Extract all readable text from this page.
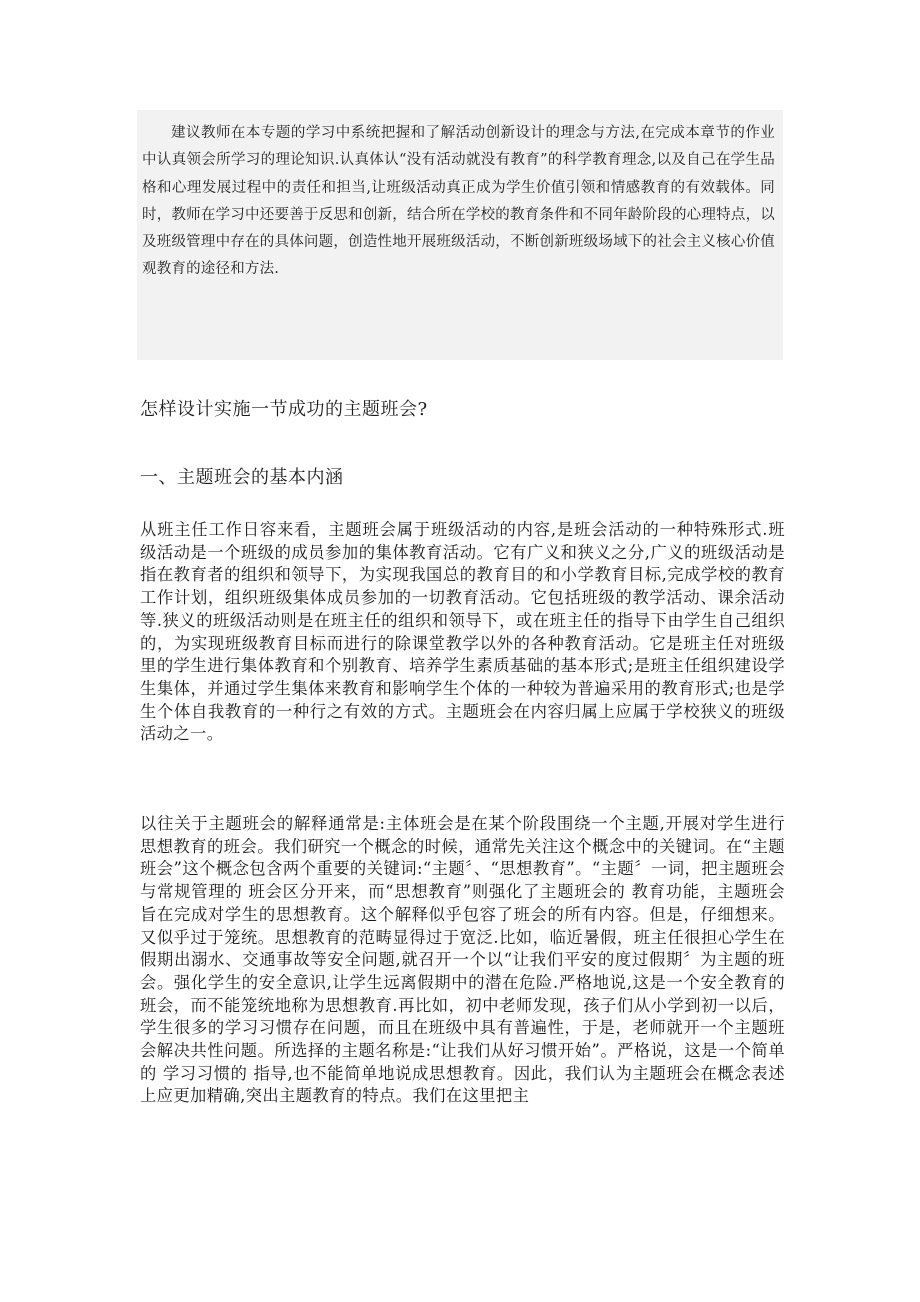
建议教师在本专题的学习中系统把握和了解活动创新设计的理念与方法,在完成本章节的作业中认真领会所学习的理论知识.认真体认“没有活动就没有教育”的科学教育理念,以及自己在学生品格和心理发展过程中的责任和担当,让班级活动真正成为学生价值引领和情感教育的有效载体。同时，教师在学习中还要善于反思和创新，结合所在学校的教育条件和不同年龄阶段的心理特点，以及班级管理中存在的具体问题，创造性地开展班级活动，不断创新班级场域下的社会主义核心价值观教育的途径和方法.

怎样设计实施一节成功的主题班会?
一、主题班会的基本内涵

从班主任工作日容来看，主题班会属于班级活动的内容,是班会活动的一种特殊形式.班级活动是一个班级的成员参加的集体教育活动。它有广义和狭义之分,广义的班级活动是指在教育者的组织和领导下，为实现我国总的教育目的和小学教育目标,完成学校的教育工作计划，组织班级集体成员参加的一切教育活动。它包括班级的教学活动、课余活动等.狭义的班级活动则是在班主任的组织和领导下，或在班主任的指导下由学生自己组织的，为实现班级教育目标而进行的除课堂教学以外的各种教育活动。它是班主任对班级里的学生进行集体教育和个别教育、培养学生素质基础的基本形式;是班主任组织建设学生集体，并通过学生集体来教育和影响学生个体的一种较为普遍采用的教育形式;也是学生个体自我教育的一种行之有效的方式。主题班会在内容归属上应属于学校狭义的班级活动之一。

以往关于主题班会的解释通常是:主体班会是在某个阶段围绕一个主题,开展对学生进行思想教育的班会。我们研究一个概念的时候，通常先关注这个概念中的关键词。在“主题班会”这个概念包含两个重要的关键词:“主题〞、“思想教育”。“主题〞一词，把主题班会与常规管理的 班会区分开来，而“思想教育”则强化了主题班会的 教育功能，主题班会旨在完成对学生的思想教育。这个解释似乎包容了班会的所有内容。但是，仔细想来。又似乎过于笼统。思想教育的范畴显得过于宽泛.比如，临近暑假，班主任很担心学生在假期出溺水、交通事故等安全问题,就召开一个以“让我们平安的度过假期〞为主题的班会。强化学生的安全意识,让学生远离假期中的潜在危险.严格地说,这是一个安全教育的班会，而不能笼统地称为思想教育.再比如，初中老师发现，孩子们从小学到初一以后，学生很多的学习习惯存在问题，而且在班级中具有普遍性，于是，老师就开一个主题班会解决共性问题。所选择的主题名称是:“让我们从好习惯开始”。严格说，这是一个简单的 学习习惯的 指导,也不能简单地说成思想教育。因此，我们认为主题班会在概念表述上应更加精确,突出主题教育的特点。我们在这里把主
